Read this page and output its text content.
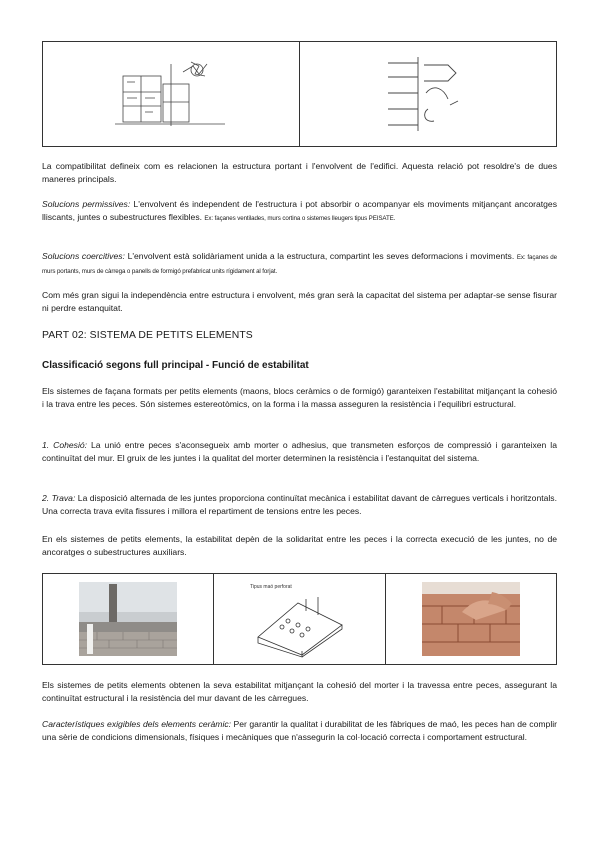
La compatibilitat defineix com es relacionen la estructura portant i l'envolvent de l'edifici. Aquesta relació pot resoldre's de dues maneres principals.

Solucions permissives: L'envolvent és independent de l'estructura i pot absorbir o acompanyar els moviments mitjançant ancoratges lliscants, juntes o subestructures flexibles. Ex: façanes ventilades, murs cortina o sistemes lleugers tipus PEISATE.

Solucions coercitives: L'envolvent està solidàriament unida a la estructura, compartint les seves deformacions i moviments. Ex: façanes de murs portants, murs de càrrega o panells de formigó prefabricat units rígidament al forjat.

Com més gran sigui la independència entre estructura i envolvent, més gran serà la capacitat del sistema per adaptar-se sense fisurar ni perdre estanquitat.

PART 02: SISTEMA DE PETITS ELEMENTS

Classificació segons full principal - Funció de estabilitat

Els sistemes de façana formats per petits elements (maons, blocs ceràmics o de formigó) garanteixen l'estabilitat mitjançant la cohesió i la trava entre les peces. Són sistemes estereotòmics, on la forma i la massa asseguren la resistència i l'equilibri estructural.

1. Cohesió: La unió entre peces s'aconsegueix amb morter o adhesius, que transmeten esforços de compressió i garanteixen la continuïtat del mur. El gruix de les juntes i la qualitat del morter determinen la resistència i l'estanquitat del sistema.

2. Trava: La disposició alternada de les juntes proporciona continuïtat mecànica i estabilitat davant de càrregues verticals i horitzontals. Una correcta trava evita fissures i millora el repartiment de tensions entre les peces.

En els sistemes de petits elements, la estabilitat depèn de la solidaritat entre les peces i la correcta execució de les juntes, no de ancoratges o subestructures auxiliars.

Tipus maó perforat

Els sistemes de petits elements obtenen la seva estabilitat mitjançant la cohesió del morter i la travessa entre peces, assegurant la continuïtat estructural i la resistència del mur davant de les càrregues.

Característiques exigibles dels elements ceràmic: Per garantir la qualitat i durabilitat de les fàbriques de maó, les peces han de complir una sèrie de condicions dimensionals, físiques i mecàniques que n'assegurin la col·locació correcta i comportament estructural.
